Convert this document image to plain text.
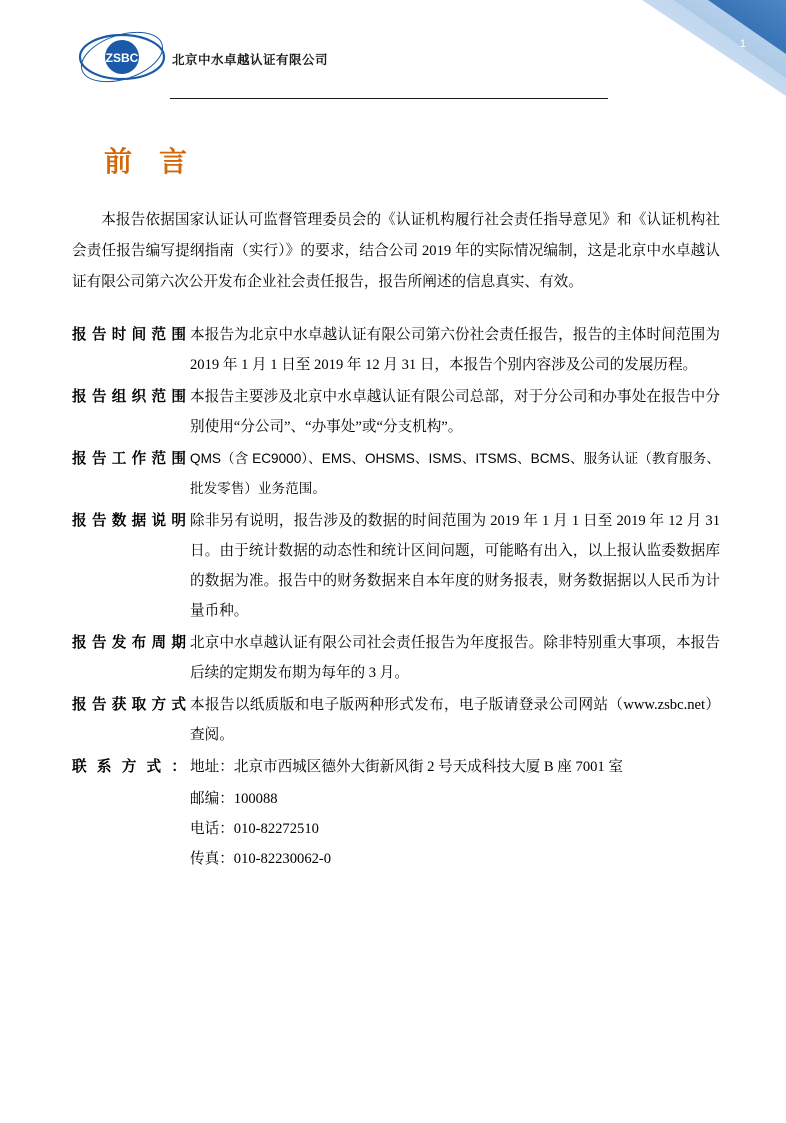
1
ZSBC	北京中水卓越认证有限公司
前 言

本报告依据国家认证认可监督管理委员会的《认证机构履行社会责任指导意见》和《认证机构社会责任报告编写提纲指南（实行）》的要求，结合公司 2019 年的实际情况编制，这是北京中水卓越认证有限公司第六次公开发布企业社会责任报告，报告所阐述的信息真实、有效。

报告时间范围 本报告为北京中水卓越认证有限公司第六份社会责任报告，报告的主体时间范围为 2019 年 1 月 1 日至 2019 年 12 月 31 日，本报告个别内容涉及公司的发展历程。
报告组织范围 本报告主要涉及北京中水卓越认证有限公司总部，对于分公司和办事处在报告中分别使用“分公司”、“办事处”或“分支机构”。
报告工作范围 QMS（含 EC9000）、EMS、OHSMS、ISMS、ITSMS、BCMS、服务认证（教育服务、批发零售）业务范围。
报告数据说明 除非另有说明，报告涉及的数据的时间范围为 2019 年 1 月 1 日至 2019 年 12 月 31 日。由于统计数据的动态性和统计区间问题，可能略有出入，以上报认监委数据库的数据为准。报告中的财务数据来自本年度的财务报表，财务数据据以人民币为计量币种。
报告发布周期 北京中水卓越认证有限公司社会责任报告为年度报告。除非特别重大事项，本报告后续的定期发布期为每年的 3 月。
报告获取方式 本报告以纸质版和电子版两种形式发布，电子版请登录公司网站（www.zsbc.net）查阅。
联系方式： 地址：北京市西城区德外大街新风街 2 号天成科技大厦 B 座 7001 室
邮编：100088
电话：010-82272510
传真：010-82230062-0
